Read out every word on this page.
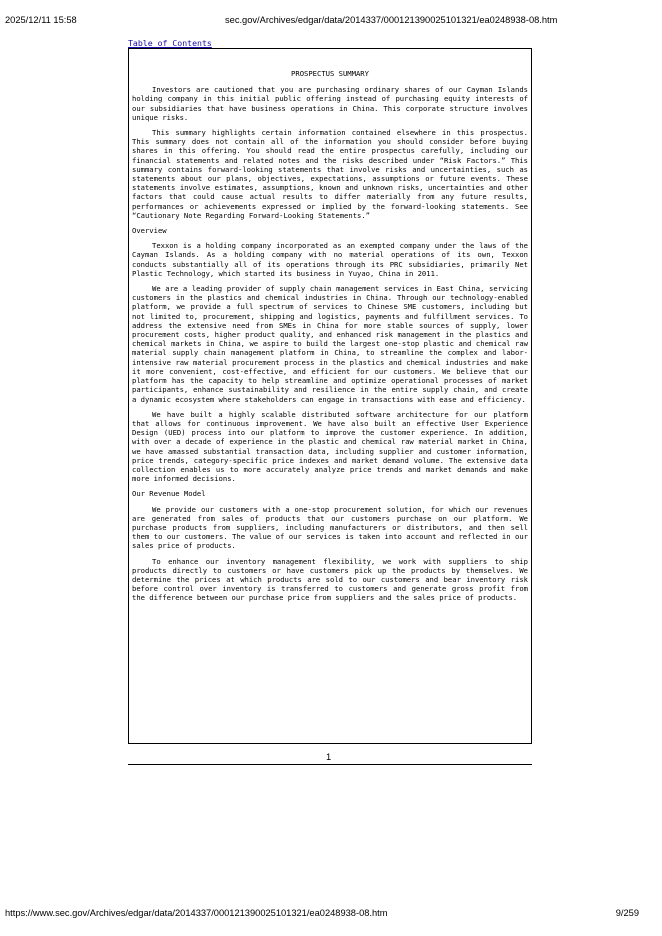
2025/12/11 15:58	sec.gov/Archives/edgar/data/2014337/000121390025101321/ea0248938-08.htm
Table of Contents
PROSPECTUS SUMMARY

Investors are cautioned that you are purchasing ordinary shares of our Cayman Islands holding company in this initial public offering instead of purchasing equity interests of our subsidiaries that have business operations in China. This corporate structure involves unique risks.

This summary highlights certain information contained elsewhere in this prospectus. This summary does not contain all of the information you should consider before buying shares in this offering. You should read the entire prospectus carefully, including our financial statements and related notes and the risks described under “Risk Factors.” This summary contains forward-looking statements that involve risks and uncertainties, such as statements about our plans, objectives, expectations, assumptions or future events. These statements involve estimates, assumptions, known and unknown risks, uncertainties and other factors that could cause actual results to differ materially from any future results, performances or achievements expressed or implied by the forward-looking statements. See “Cautionary Note Regarding Forward-Looking Statements.”

Overview

Texxon is a holding company incorporated as an exempted company under the laws of the Cayman Islands. As a holding company with no material operations of its own, Texxon conducts substantially all of its operations through its PRC subsidiaries, primarily Net Plastic Technology, which started its business in Yuyao, China in 2011.

We are a leading provider of supply chain management services in East China, servicing customers in the plastics and chemical industries in China. Through our technology-enabled platform, we provide a full spectrum of services to Chinese SME customers, including but not limited to, procurement, shipping and logistics, payments and fulfillment services. To address the extensive need from SMEs in China for more stable sources of supply, lower procurement costs, higher product quality, and enhanced risk management in the plastics and chemical markets in China, we aspire to build the largest one-stop plastic and chemical raw material supply chain management platform in China, to streamline the complex and labor-intensive raw material procurement process in the plastics and chemical industries and make it more convenient, cost-effective, and efficient for our customers. We believe that our platform has the capacity to help streamline and optimize operational processes of market participants, enhance sustainability and resilience in the entire supply chain, and create a dynamic ecosystem where stakeholders can engage in transactions with ease and efficiency.

We have built a highly scalable distributed software architecture for our platform that allows for continuous improvement. We have also built an effective User Experience Design (UED) process into our platform to improve the customer experience. In addition, with over a decade of experience in the plastic and chemical raw material market in China, we have amassed substantial transaction data, including supplier and customer information, price trends, category-specific price indexes and market demand volume. The extensive data collection enables us to more accurately analyze price trends and market demands and make more informed decisions.

Our Revenue Model

We provide our customers with a one-stop procurement solution, for which our revenues are generated from sales of products that our customers purchase on our platform. We purchase products from suppliers, including manufacturers or distributors, and then sell them to our customers. The value of our services is taken into account and reflected in our sales price of products.

To enhance our inventory management flexibility, we work with suppliers to ship products directly to customers or have customers pick up the products by themselves. We determine the prices at which products are sold to our customers and bear inventory risk before control over inventory is transferred to customers and generate gross profit from the difference between our purchase price from suppliers and the sales price of products.

1
https://www.sec.gov/Archives/edgar/data/2014337/000121390025101321/ea0248938-08.htm	9/259
